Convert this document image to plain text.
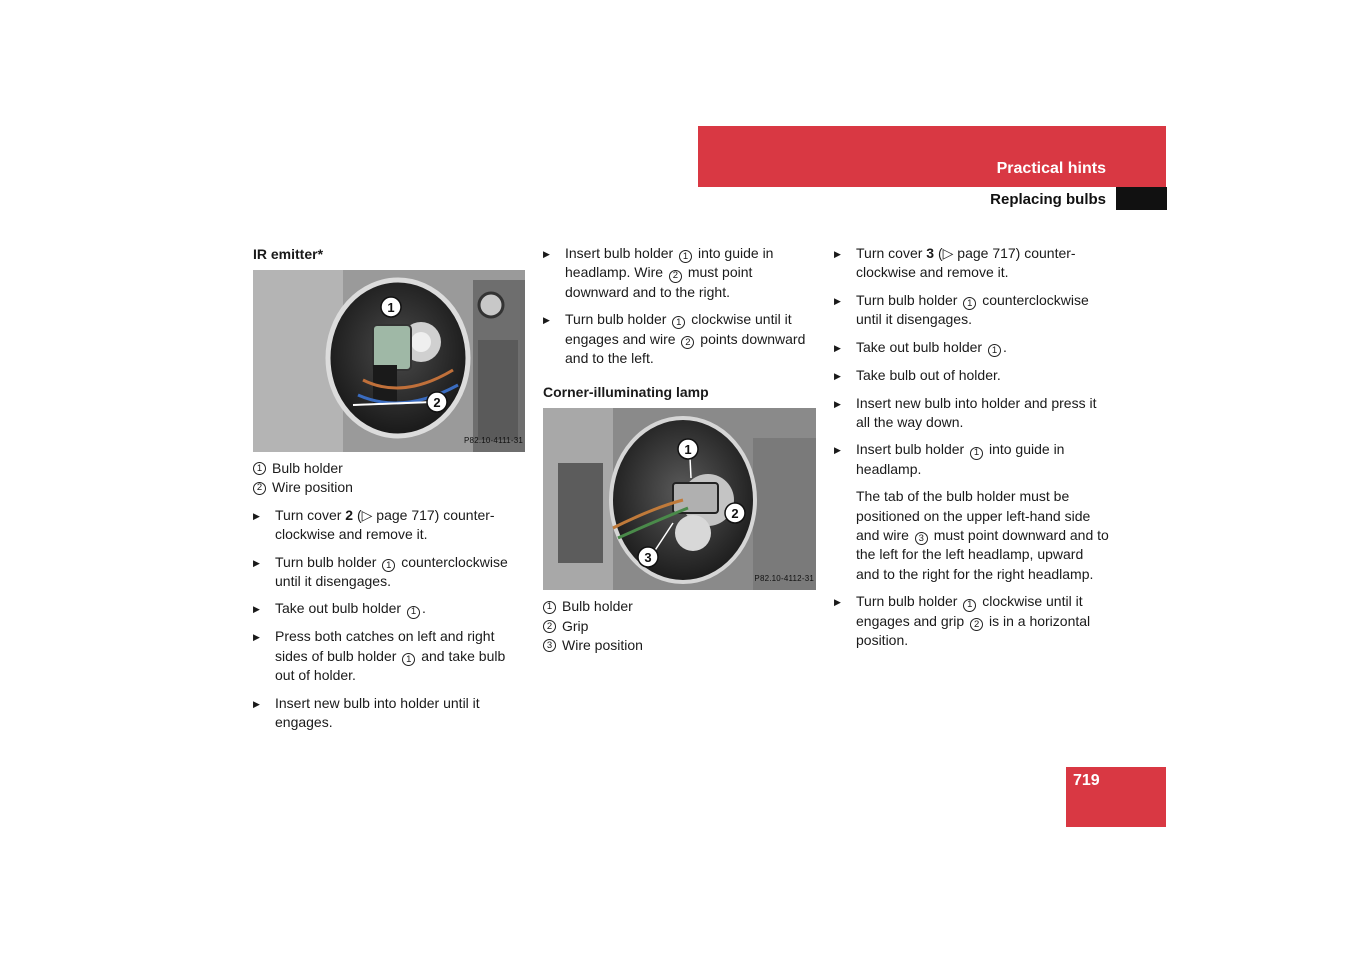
Practical hints
Replacing bulbs
IR emitter*
1
2
P82.10-4111-31
1 Bulb holder
2 Wire position
▶	Turn cover 2 (▷ page 717) counter-clockwise and remove it.
▶	Turn bulb holder 1 counterclockwise until it disengages.
▶	Take out bulb holder 1 .
▶	Press both catches on left and right sides of bulb holder 1 and take bulb out of holder.
▶	Insert new bulb into holder until it engages.
▶	Insert bulb holder 1 into guide in headlamp. Wire 2 must point downward and to the right.
▶	Turn bulb holder 1 clockwise until it engages and wire 2 points downward and to the left.
Corner-illuminating lamp
1
2
3
P82.10-4112-31
1 Bulb holder
2 Grip
3 Wire position
▶	Turn cover 3 (▷ page 717) counter-clockwise and remove it.
▶	Turn bulb holder 1 counterclockwise until it disengages.
▶	Take out bulb holder 1 .
▶	Take bulb out of holder.
▶	Insert new bulb into holder and press it all the way down.
▶	Insert bulb holder 1 into guide in headlamp.
The tab of the bulb holder must be positioned on the upper left-hand side and wire 3 must point downward and to the left for the left headlamp, upward and to the right for the right headlamp.
▶	Turn bulb holder 1 clockwise until it engages and grip 2 is in a horizontal position.
719
